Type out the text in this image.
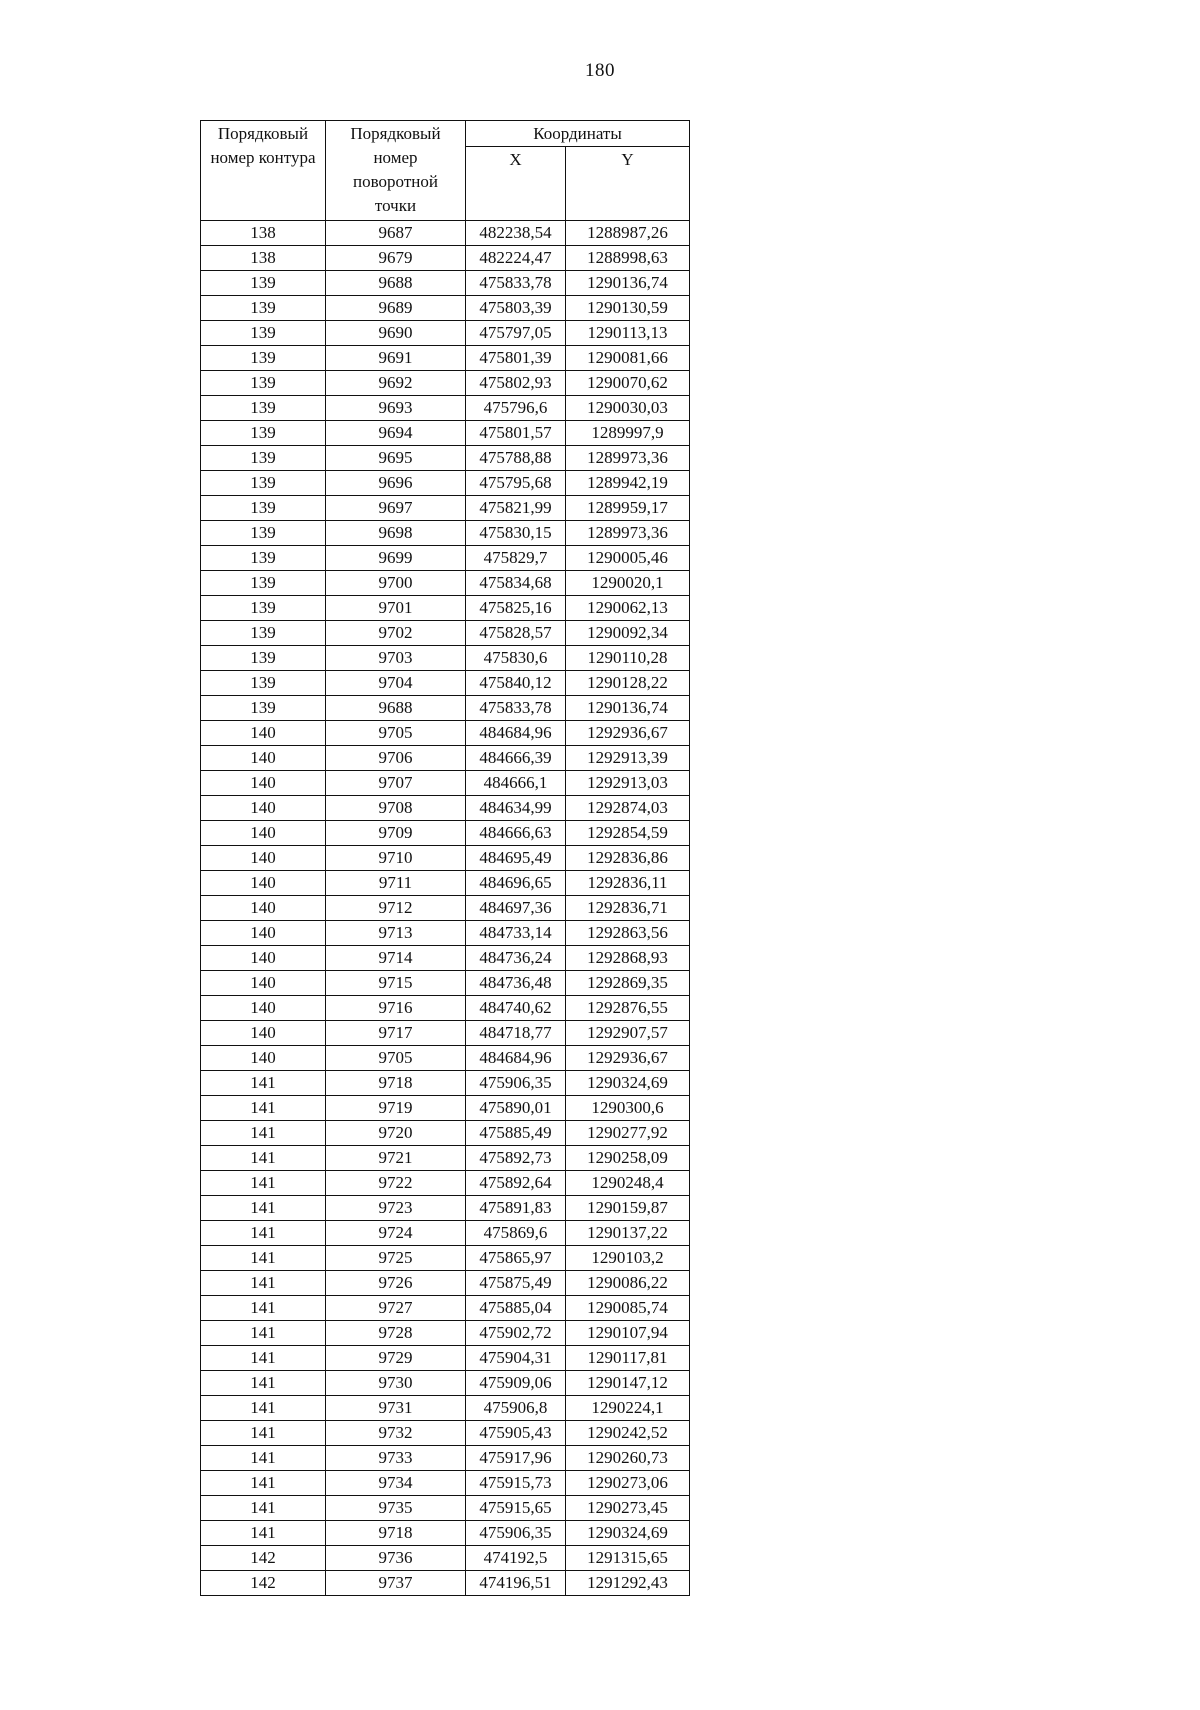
180
Порядковый номер контура	Порядковый номер поворотной точки	Координаты	
		X	Y
138	9687	482238,54	1288987,26
138	9679	482224,47	1288998,63
139	9688	475833,78	1290136,74
139	9689	475803,39	1290130,59
139	9690	475797,05	1290113,13
139	9691	475801,39	1290081,66
139	9692	475802,93	1290070,62
139	9693	475796,6	1290030,03
139	9694	475801,57	1289997,9
139	9695	475788,88	1289973,36
139	9696	475795,68	1289942,19
139	9697	475821,99	1289959,17
139	9698	475830,15	1289973,36
139	9699	475829,7	1290005,46
139	9700	475834,68	1290020,1
139	9701	475825,16	1290062,13
139	9702	475828,57	1290092,34
139	9703	475830,6	1290110,28
139	9704	475840,12	1290128,22
139	9688	475833,78	1290136,74
140	9705	484684,96	1292936,67
140	9706	484666,39	1292913,39
140	9707	484666,1	1292913,03
140	9708	484634,99	1292874,03
140	9709	484666,63	1292854,59
140	9710	484695,49	1292836,86
140	9711	484696,65	1292836,11
140	9712	484697,36	1292836,71
140	9713	484733,14	1292863,56
140	9714	484736,24	1292868,93
140	9715	484736,48	1292869,35
140	9716	484740,62	1292876,55
140	9717	484718,77	1292907,57
140	9705	484684,96	1292936,67
141	9718	475906,35	1290324,69
141	9719	475890,01	1290300,6
141	9720	475885,49	1290277,92
141	9721	475892,73	1290258,09
141	9722	475892,64	1290248,4
141	9723	475891,83	1290159,87
141	9724	475869,6	1290137,22
141	9725	475865,97	1290103,2
141	9726	475875,49	1290086,22
141	9727	475885,04	1290085,74
141	9728	475902,72	1290107,94
141	9729	475904,31	1290117,81
141	9730	475909,06	1290147,12
141	9731	475906,8	1290224,1
141	9732	475905,43	1290242,52
141	9733	475917,96	1290260,73
141	9734	475915,73	1290273,06
141	9735	475915,65	1290273,45
141	9718	475906,35	1290324,69
142	9736	474192,5	1291315,65
142	9737	474196,51	1291292,43
